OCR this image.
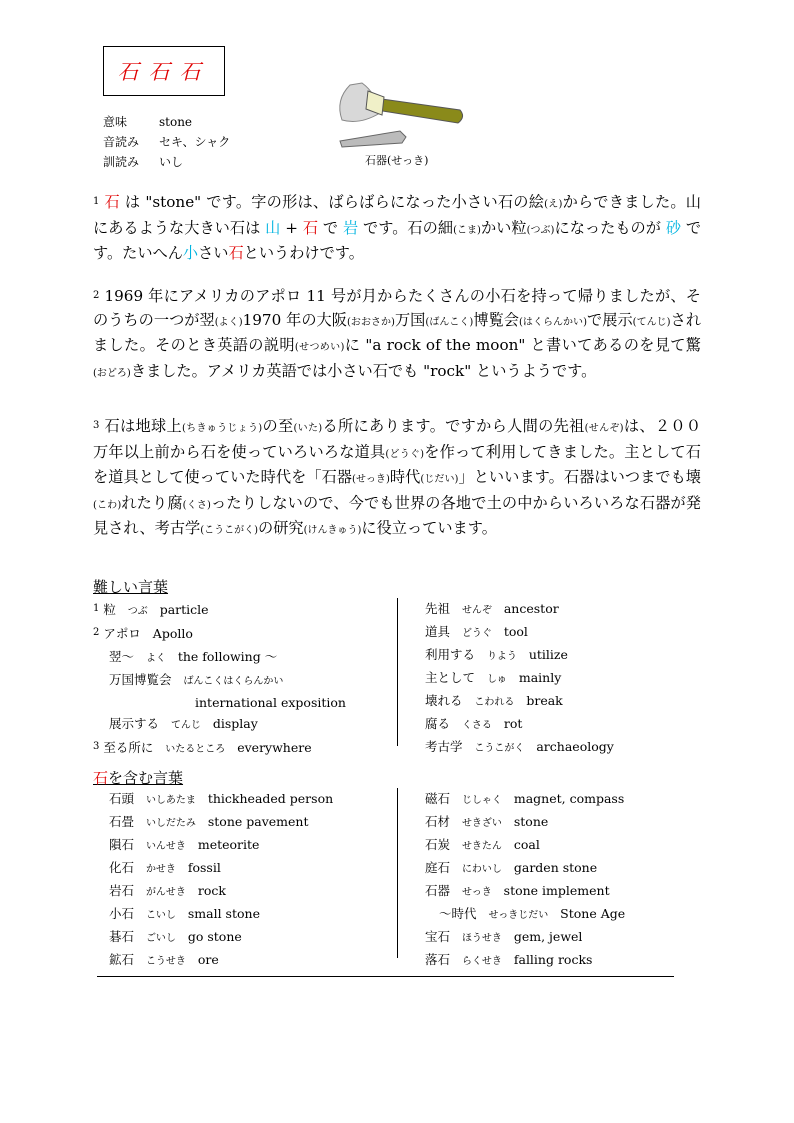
石石石
意味	stone
音読み セキ、シャク
訓読み いし	石器(せっき)
1 石 は "stone" です。字の形は、ばらばらになった小さい石の絵(え)からできました。山にあるような大きい石は 山 + 石 で 岩 です。石の細(こま)かい粒(つぶ)になったものが 砂 です。たいへん小さい石というわけです。
2 1969 年にアメリカのアポロ 11 号が月からたくさんの小石を持って帰りましたが、そのうちの一つが翌(よく)1970 年の大阪(おおさか)万国(ばんこく)博覧会(はくらんかい)で展示(てんじ)されました。そのとき英語の説明(せつめい)に "a rock of the moon" と書いてあるのを見て驚(おどろ)きました。アメリカ英語では小さい石でも "rock" というようです。
3 石は地球上(ちきゅうじょう)の至(いた)る所にあります。ですから人間の先祖(せんぞ)は、２００万年以上前から石を使っていろいろな道具(どうぐ)を作って利用してきました。主として石を道具として使っていた時代を「石器(せっき)時代(じだい)」といいます。石器はいつまでも壊(こわ)れたり腐(くさ)ったりしないので、今でも世界の各地で土の中からいろいろな石器が発見され、考古学(こうこがく)の研究(けんきゅう)に役立っています。
難しい言葉
$^1$ 粒 つぶ particle
$^2$ アポロ Apollo
翌〜 よく the following 〜
万国博覧会 ばんこくはくらんかい
international exposition
展示する てんじ display
$^3$ 至る所に いたるところ everywhere
先祖 せんぞ ancestor
道具 どうぐ tool
利用する りよう utilize
主として しゅ mainly
壊れる こわれる break
腐る くさる rot
考古学 こうこがく archaeology
石を含む言葉
石頭 いしあたま thickheaded person
石畳 いしだたみ stone pavement
隕石 いんせき meteorite
化石 かせき fossil
岩石 がんせき rock
小石 こいし small stone
碁石 ごいし go stone
鉱石 こうせき ore
磁石 じしゃく magnet, compass
石材 せきざい stone
石炭 せきたん coal
庭石 にわいし garden stone
石器 せっき stone implement
〜時代 せっきじだい Stone Age
宝石 ほうせき gem, jewel
落石 らくせき falling rocks
